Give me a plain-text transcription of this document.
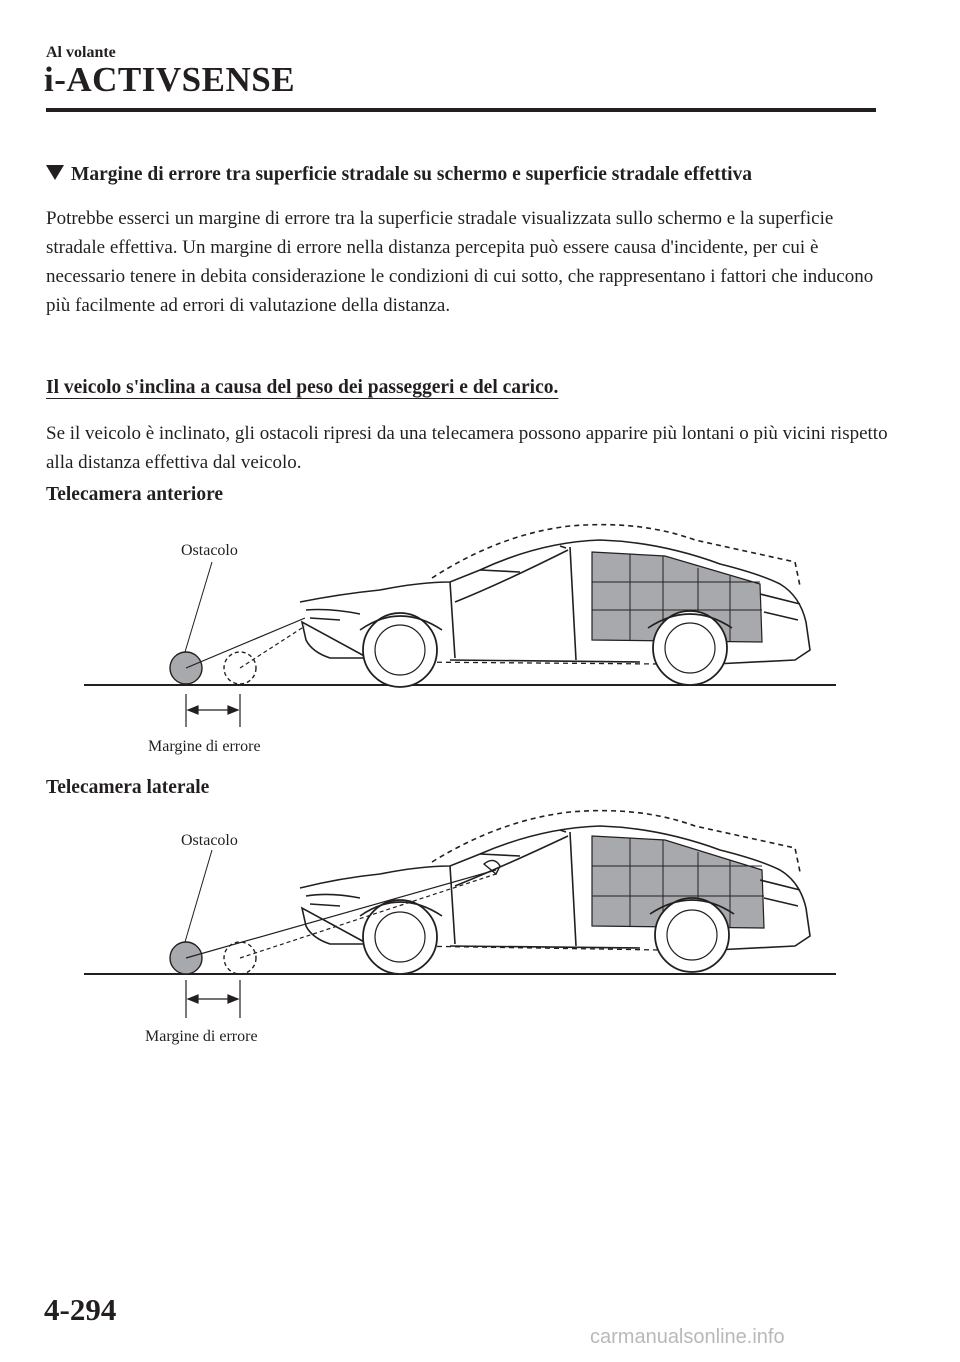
Al volante
i-ACTIVSENSE
Margine di errore tra superficie stradale su schermo e superficie stradale effettiva
Potrebbe esserci un margine di errore tra la superficie stradale visualizzata sullo schermo e la superficie stradale effettiva. Un margine di errore nella distanza percepita può essere causa d'incidente, per cui è necessario tenere in debita considerazione le condizioni di cui sotto, che rappresentano i fattori che inducono più facilmente ad errori di valutazione della distanza.
Il veicolo s'inclina a causa del peso dei passeggeri e del carico.
Se il veicolo è inclinato, gli ostacoli ripresi da una telecamera possono apparire più lontani o più vicini rispetto alla distanza effettiva dal veicolo.
Telecamera anteriore
Ostacolo
Margine di errore
Telecamera laterale
Ostacolo
Margine di errore
4-294
carmanualsonline.info
